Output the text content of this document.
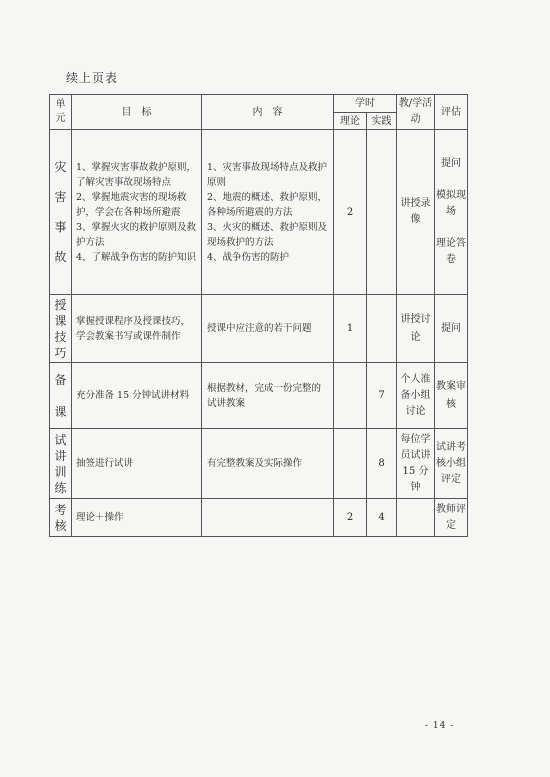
续上页表
单元	目　标	内　容	学时		教/学活动	评估
			理论	实践		

灾害事故	1、掌握灾害事故救护原则，了解灾害事故现场特点
2、掌握地震灾害的现场救护，学会在各种场所避震
3、掌握火灾的救护原则及救护方法
4、了解战争伤害的防护知识	1、灾害事故现场特点及救护原则
2、地震的概述、救护原则，各种场所避震的方法
3、火灾的概述、救护原则及现场救护的方法
4、战争伤害的防护	2		讲授录像	提问
模拟现场
理论答卷

授课技巧	掌握授课程序及授课技巧，学会教案书写或课件制作	授课中应注意的若干问题	1		讲授讨论	提问

备课	充分准备 15 分钟试讲材料	根据教材，完成一份完整的试讲教案		7	个人准备小组讨论	教案审核

试讲训练	抽签进行试讲	有完整教案及实际操作		8	每位学员试讲15 分钟	试讲考核小组评定

考核	理论＋操作		2	4		教师评定
- 14 -
